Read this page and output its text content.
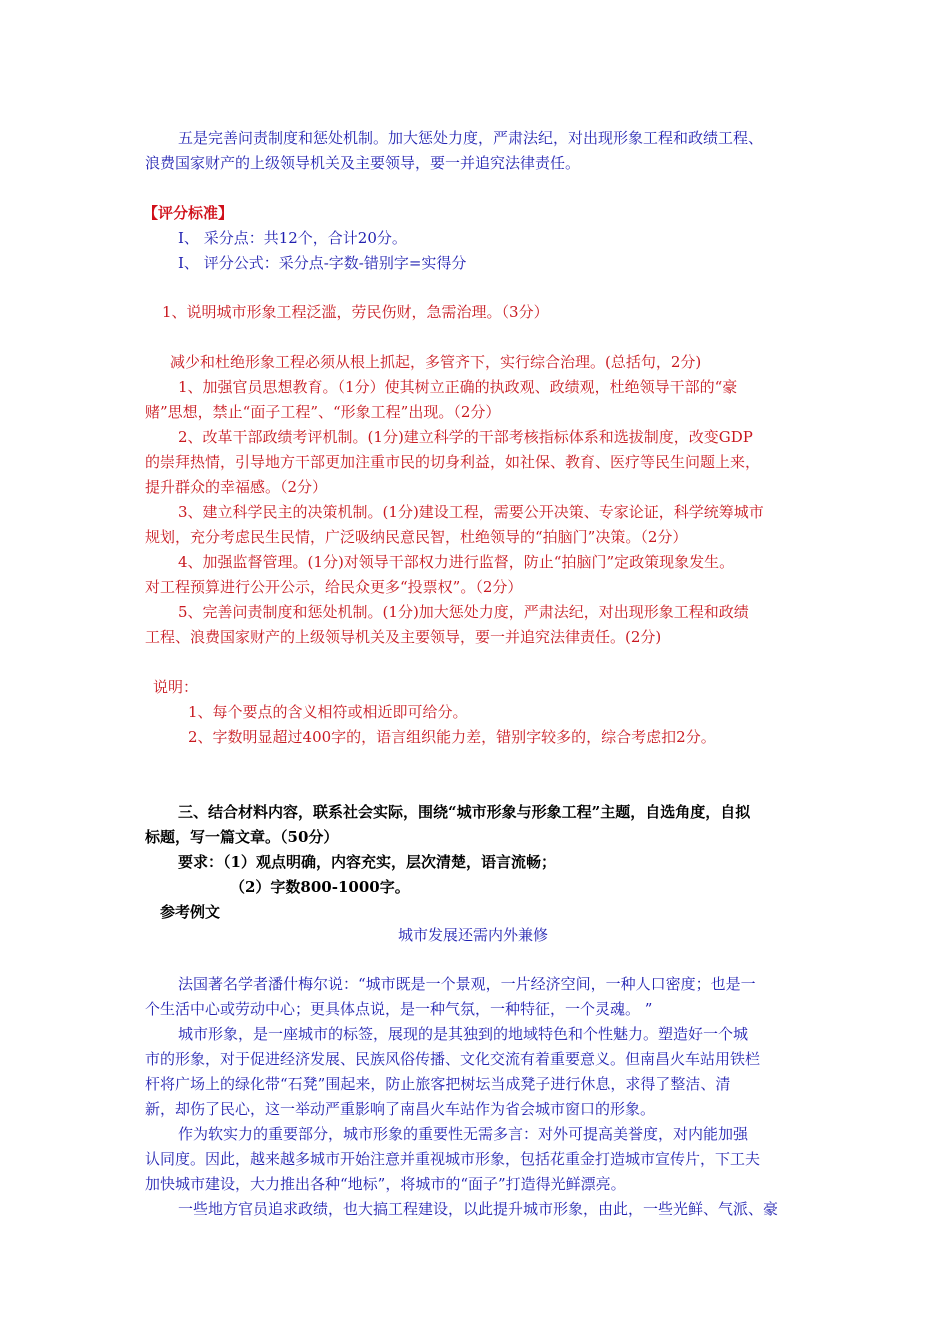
五是完善问责制度和惩处机制。加大惩处力度，严肃法纪，对出现形象工程和政绩工程、
浪费国家财产的上级领导机关及主要领导，要一并追究法律责任。
【评分标准】
I、 采分点：共12个，合计20分。
I、 评分公式：采分点-字数-错别字=实得分
1、说明城市形象工程泛滥，劳民伤财，急需治理。（3分）
减少和杜绝形象工程必须从根上抓起，多管齐下，实行综合治理。(总括句，2分)
1、加强官员思想教育。（1分）使其树立正确的执政观、政绩观，杜绝领导干部的“豪
赌”思想，禁止“面子工程”、“形象工程”出现。（2分）
2、改革干部政绩考评机制。(1分)建立科学的干部考核指标体系和选拔制度，改变GDP
的崇拜热情，引导地方干部更加注重市民的切身利益，如社保、教育、医疗等民生问题上来，
提升群众的幸福感。（2分）
3、建立科学民主的决策机制。(1分)建设工程，需要公开决策、专家论证，科学统筹城市
规划，充分考虑民生民情，广泛吸纳民意民智，杜绝领导的“拍脑门”决策。（2分）
4、加强监督管理。(1分)对领导干部权力进行监督，防止“拍脑门”定政策现象发生。
对工程预算进行公开公示，给民众更多“投票权”。（2分）
5、完善问责制度和惩处机制。(1分)加大惩处力度，严肃法纪，对出现形象工程和政绩
工程、浪费国家财产的上级领导机关及主要领导，要一并追究法律责任。(2分)
说明：
1、每个要点的含义相符或相近即可给分。
2、字数明显超过400字的，语言组织能力差，错别字较多的，综合考虑扣2分。
三、结合材料内容，联系社会实际，围绕“城市形象与形象工程”主题，自选角度，自拟
标题，写一篇文章。（50分）
要求：（1）观点明确，内容充实，层次清楚，语言流畅；
（2）字数800-1000字。
参考例文
城市发展还需内外兼修
法国著名学者潘什梅尔说：“城市既是一个景观，一片经济空间，一种人口密度；也是一
个生活中心或劳动中心；更具体点说，是一种气氛，一种特征，一个灵魂。 ”
城市形象，是一座城市的标签，展现的是其独到的地域特色和个性魅力。塑造好一个城
市的形象，对于促进经济发展、民族风俗传播、文化交流有着重要意义。但南昌火车站用铁栏
杆将广场上的绿化带“石凳”围起来，防止旅客把树坛当成凳子进行休息，求得了整洁、清
新，却伤了民心，这一举动严重影响了南昌火车站作为省会城市窗口的形象。
作为软实力的重要部分，城市形象的重要性无需多言：对外可提高美誉度，对内能加强
认同度。因此，越来越多城市开始注意并重视城市形象，包括花重金打造城市宣传片，下工夫
加快城市建设，大力推出各种“地标”，将城市的“面子”打造得光鲜漂亮。
一些地方官员追求政绩，也大搞工程建设，以此提升城市形象，由此，一些光鲜、气派、豪
